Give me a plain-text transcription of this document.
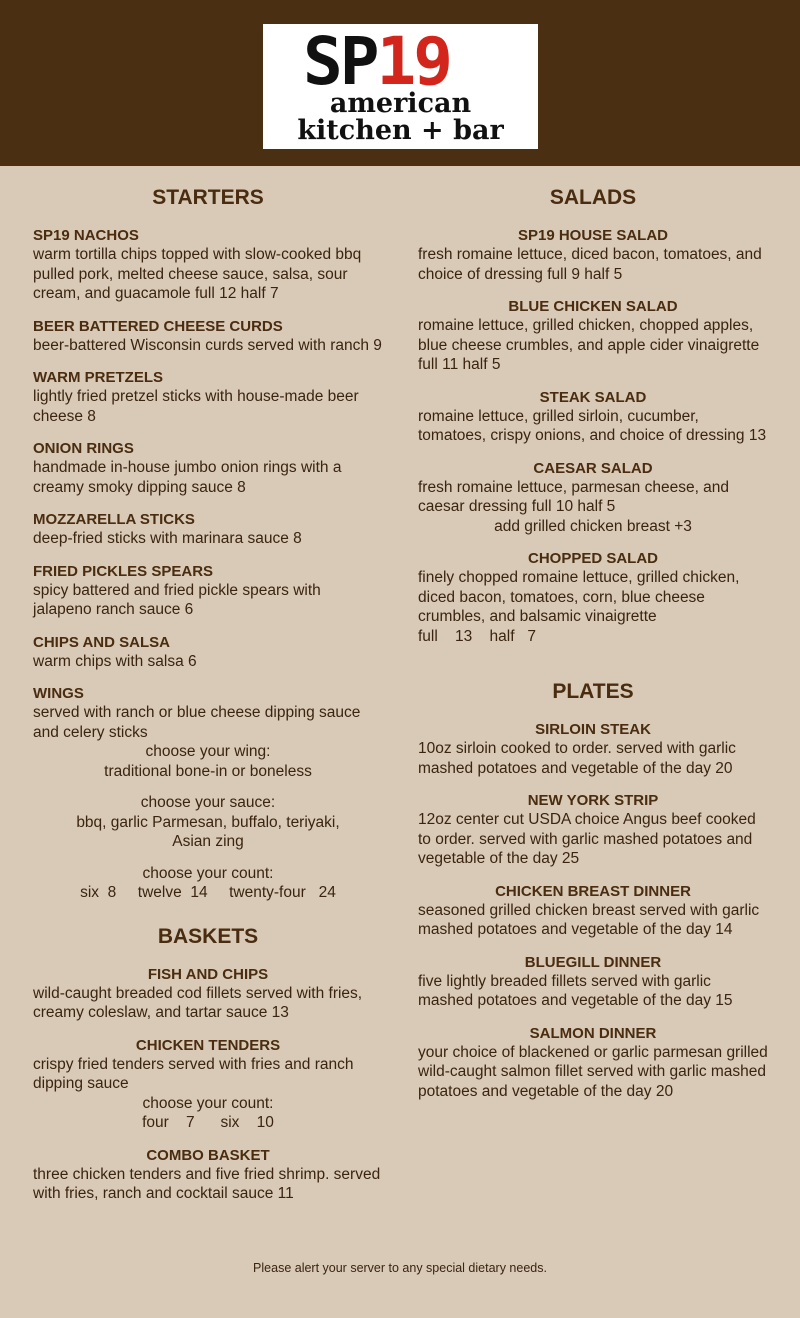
SP19
american
kitchen + bar
STARTERS
SP19 NACHOS
warm tortilla chips topped with slow-cooked bbq pulled pork, melted cheese sauce, salsa, sour cream, and guacamole full 12 half 7
BEER BATTERED CHEESE CURDS
beer-battered Wisconsin curds served with ranch 9
WARM PRETZELS
lightly fried pretzel sticks with house-made beer cheese 8
ONION RINGS
handmade in-house jumbo onion rings with a creamy smoky dipping sauce 8
MOZZARELLA STICKS
deep-fried sticks with marinara sauce 8
FRIED PICKLES SPEARS
spicy battered and fried pickle spears with jalapeno ranch sauce 6
CHIPS AND SALSA
warm chips with salsa 6
WINGS
served with ranch or blue cheese dipping sauce and celery sticks
choose your wing:
traditional bone-in or boneless
choose your sauce:
bbq, garlic Parmesan, buffalo, teriyaki,
Asian zing
choose your count:
six  8     twelve  14     twenty-four   24
BASKETS
FISH AND CHIPS
wild-caught breaded cod fillets served with fries, creamy coleslaw, and tartar sauce 13
CHICKEN TENDERS
crispy fried tenders served with fries and ranch dipping sauce
choose your count:
four    7      six    10
COMBO BASKET
three chicken tenders and five fried shrimp. served with fries, ranch and cocktail sauce 11
SALADS
SP19 HOUSE SALAD
fresh romaine lettuce, diced bacon, tomatoes, and choice of dressing full 9 half 5
BLUE CHICKEN SALAD
romaine lettuce, grilled chicken, chopped apples, blue cheese crumbles, and apple cider vinaigrette full 11 half 5
STEAK SALAD
romaine lettuce, grilled sirloin, cucumber, tomatoes, crispy onions, and choice of dressing 13
CAESAR SALAD
fresh romaine lettuce, parmesan cheese, and caesar dressing full 10 half 5
add grilled chicken breast +3
CHOPPED SALAD
finely chopped romaine lettuce, grilled chicken, diced bacon, tomatoes, corn, blue cheese crumbles, and balsamic vinaigrette
full    13    half   7
PLATES
SIRLOIN STEAK
10oz sirloin cooked to order. served with garlic mashed potatoes and vegetable of the day 20
NEW YORK STRIP
12oz center cut USDA choice Angus beef cooked to order. served with garlic mashed potatoes and vegetable of the day 25
CHICKEN BREAST DINNER
seasoned grilled chicken breast served with garlic mashed potatoes and vegetable of the day 14
BLUEGILL DINNER
five lightly breaded fillets served with garlic mashed potatoes and vegetable of the day 15
SALMON DINNER
your choice of blackened or garlic parmesan grilled wild-caught salmon fillet served with garlic mashed potatoes and vegetable of the day 20
Please alert your server to any special dietary needs.
